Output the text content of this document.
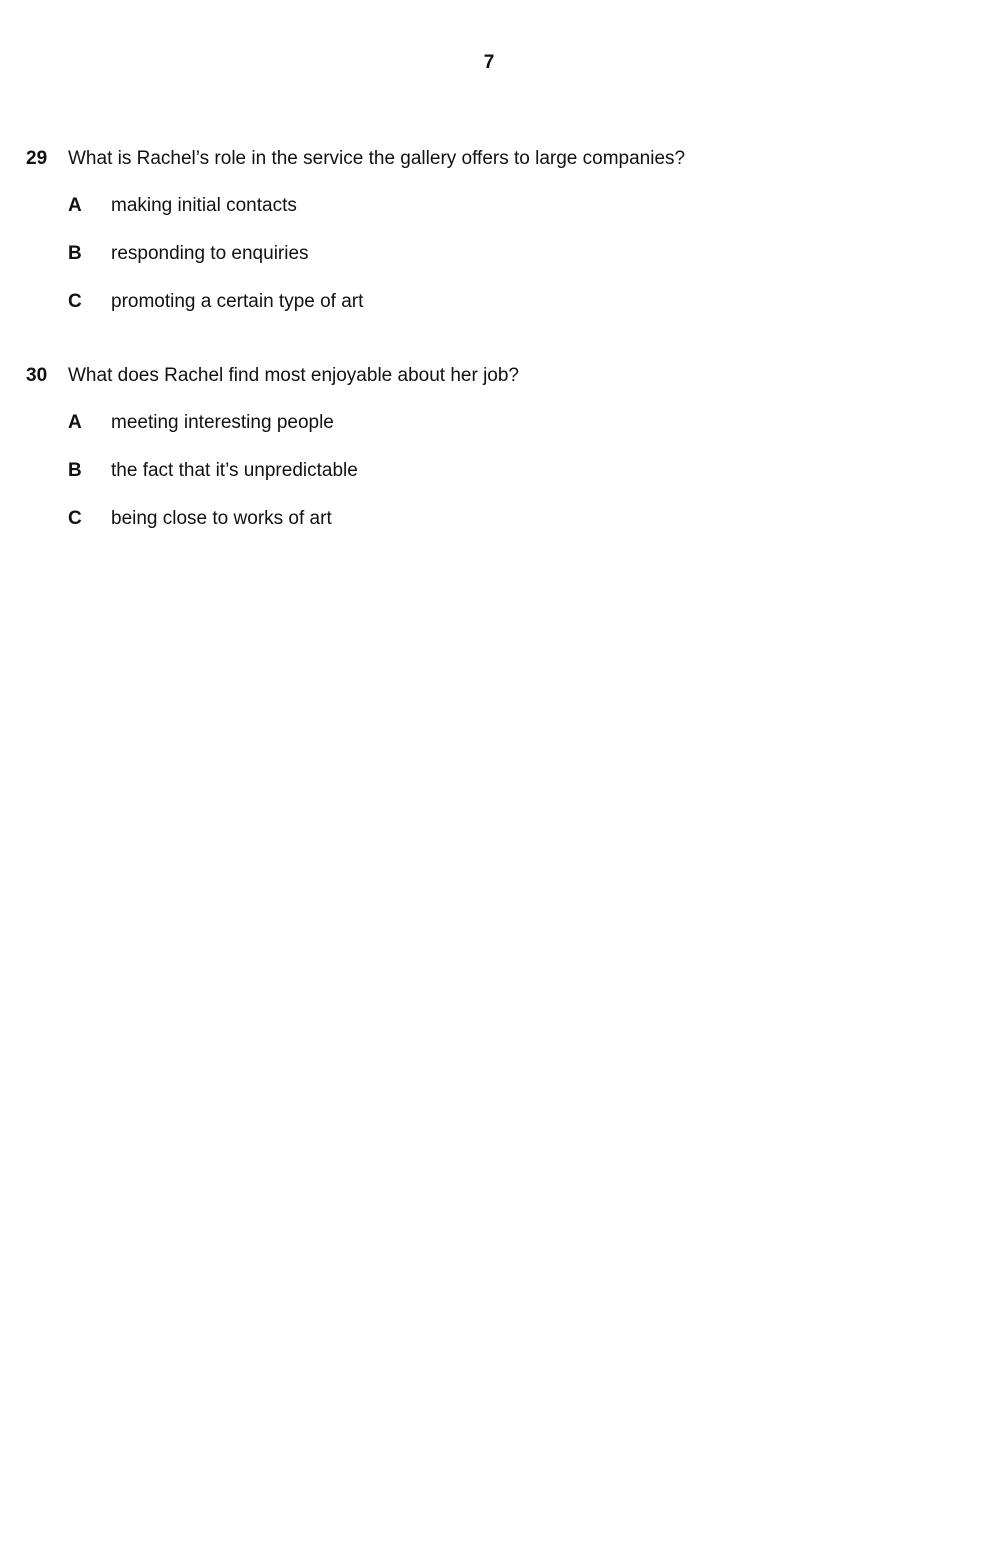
7
29	What is Rachel’s role in the service the gallery offers to large companies?
A	making initial contacts
B	responding to enquiries
C	promoting a certain type of art
30	What does Rachel find most enjoyable about her job?
A	meeting interesting people
B	the fact that it’s unpredictable
C	being close to works of art
